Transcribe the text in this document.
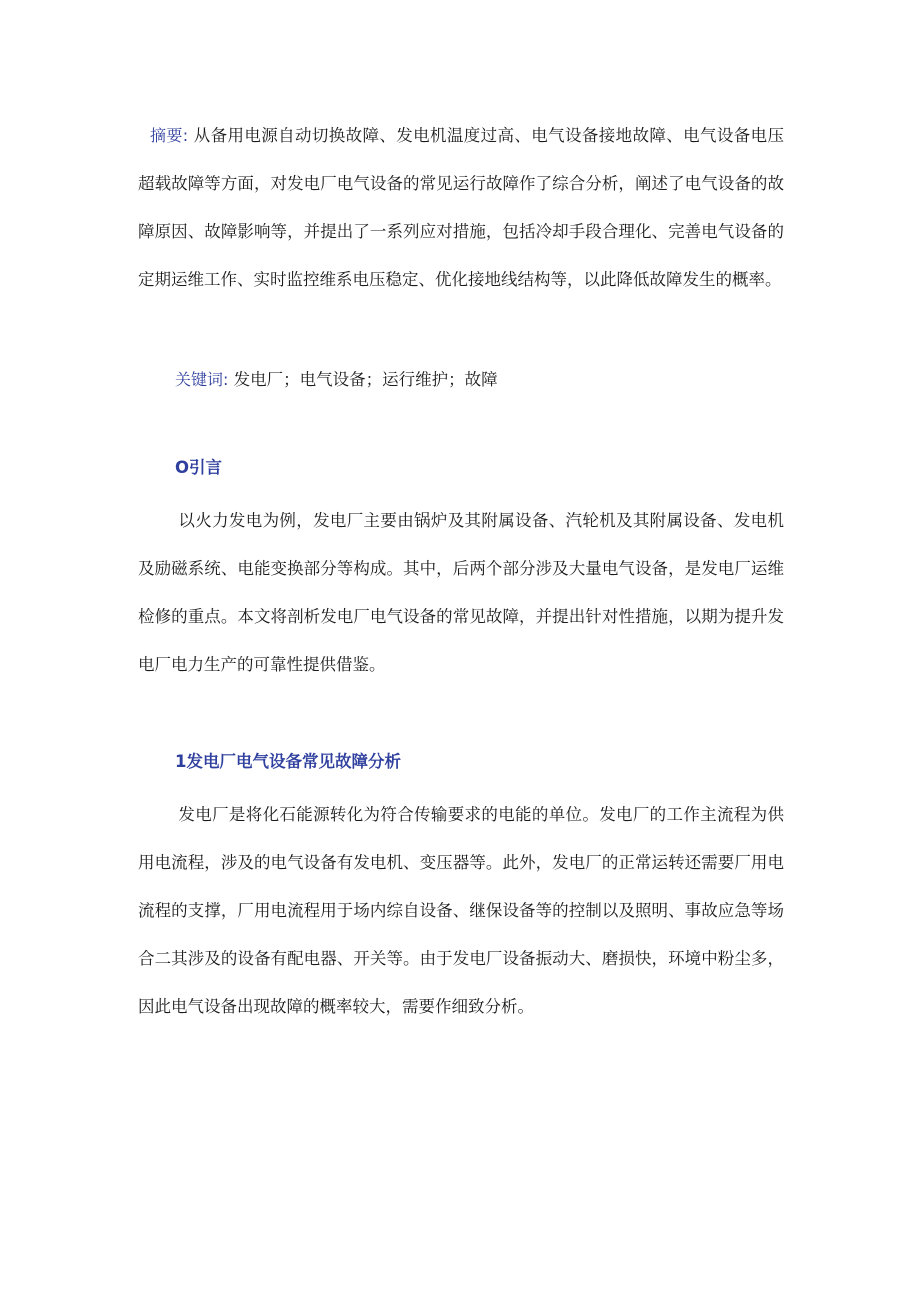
摘要: 从备用电源自动切换故障、发电机温度过高、电气设备接地故障、电气设备电压超载故障等方面，对发电厂电气设备的常见运行故障作了综合分析，阐述了电气设备的故障原因、故障影响等，并提出了一系列应对措施，包括冷却手段合理化、完善电气设备的定期运维工作、实时监控维系电压稳定、优化接地线结构等，以此降低故障发生的概率。
关键词: 发电厂；电气设备；运行维护；故障
O引言
以火力发电为例，发电厂主要由锅炉及其附属设备、汽轮机及其附属设备、发电机及励磁系统、电能变换部分等构成。其中，后两个部分涉及大量电气设备，是发电厂运维检修的重点。本文将剖析发电厂电气设备的常见故障，并提出针对性措施，以期为提升发电厂电力生产的可靠性提供借鉴。
1发电厂电气设备常见故障分析
发电厂是将化石能源转化为符合传输要求的电能的单位。发电厂的工作主流程为供用电流程，涉及的电气设备有发电机、变压器等。此外，发电厂的正常运转还需要厂用电流程的支撑，厂用电流程用于场内综自设备、继保设备等的控制以及照明、事故应急等场合二其涉及的设备有配电器、开关等。由于发电厂设备振动大、磨损快，环境中粉尘多，因此电气设备出现故障的概率较大，需要作细致分析。
